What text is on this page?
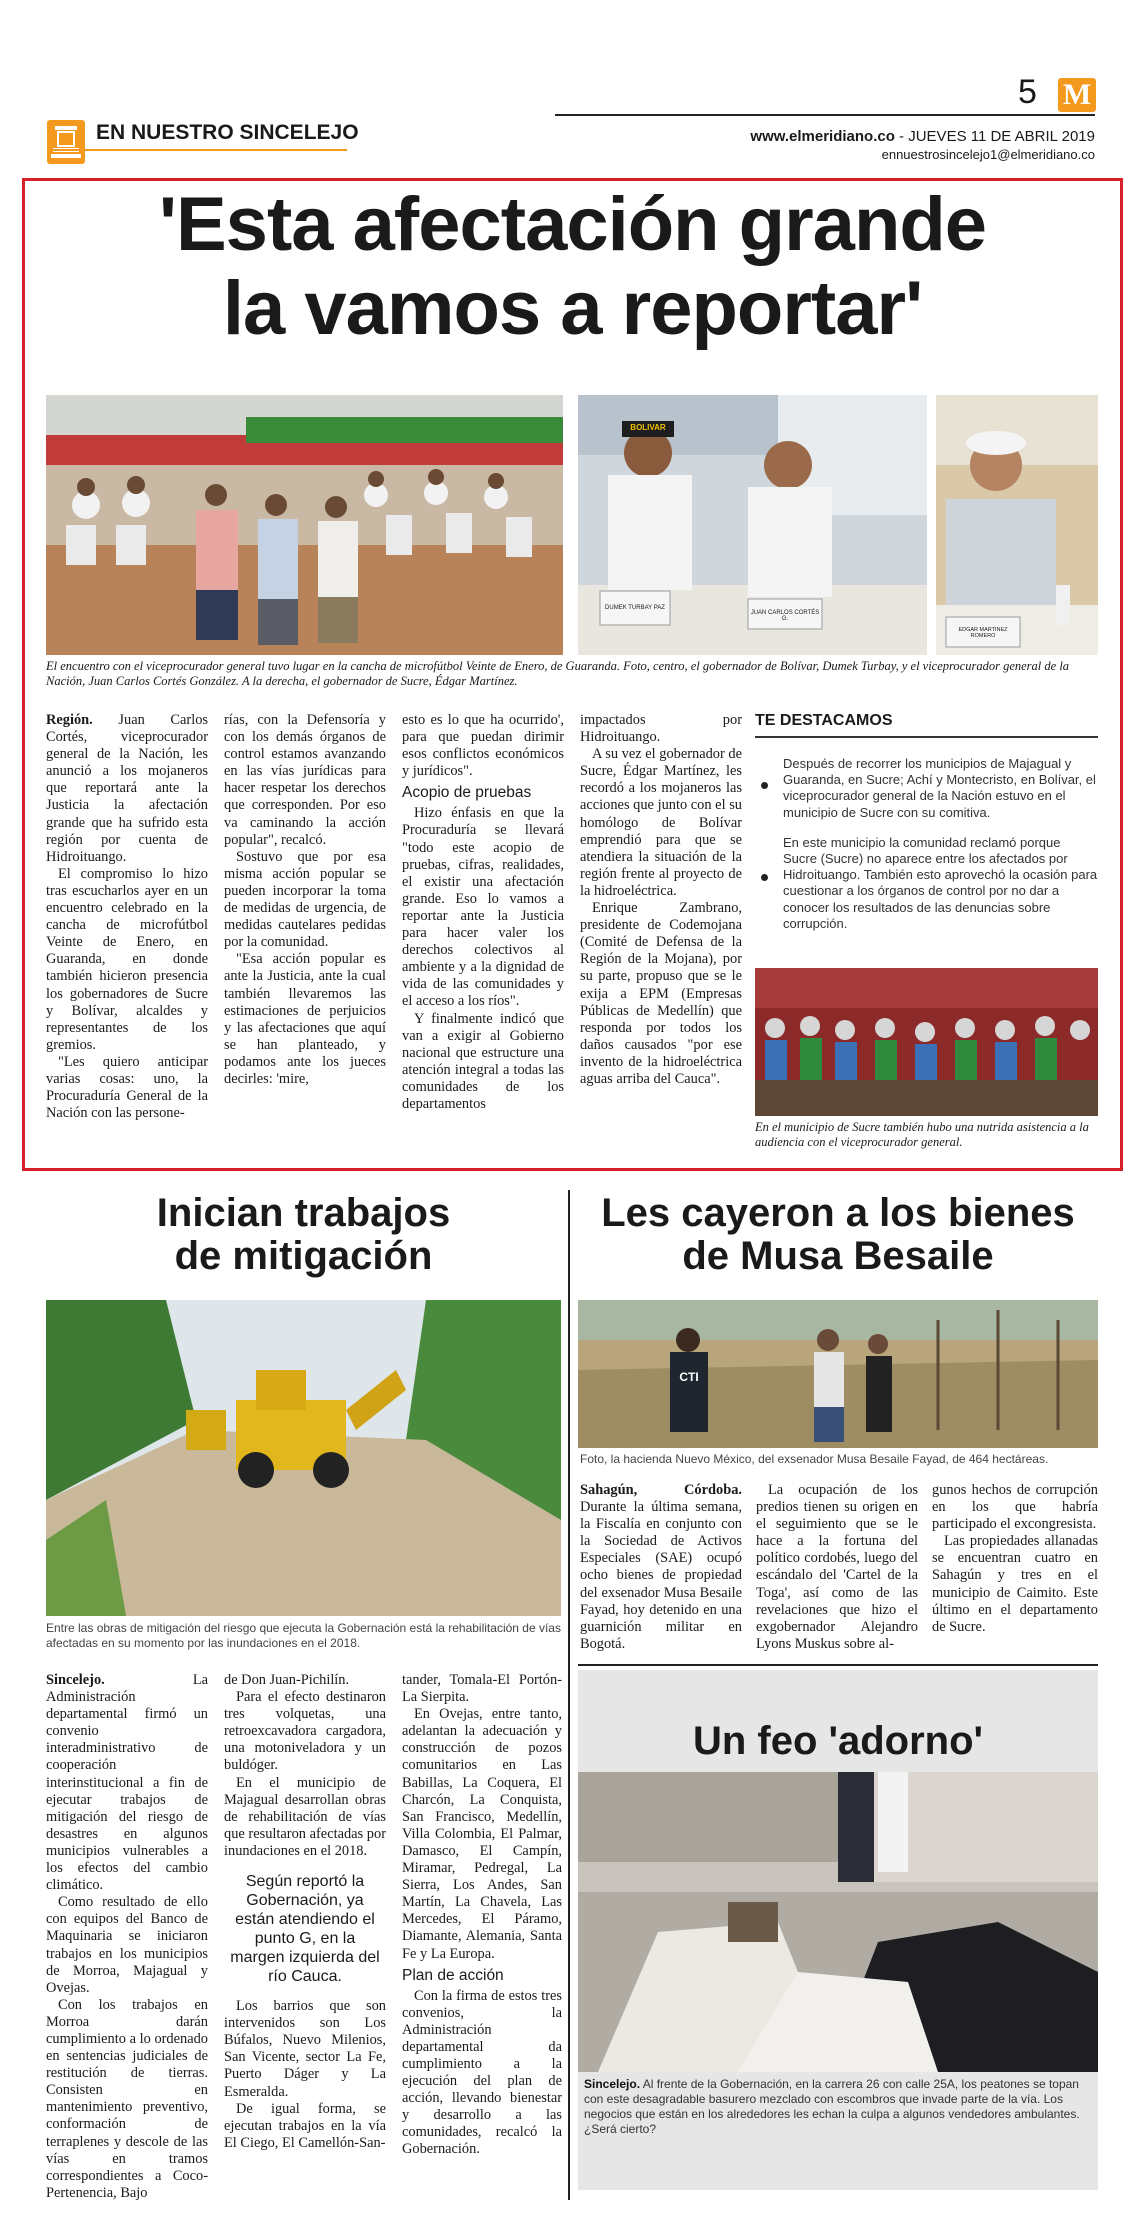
5 M
EN NUESTRO SINCELEJO	www.elmeridiano.co - JUEVES 11 DE ABRIL 2019
ennuestrosincelejo1@elmeridiano.co
'Esta afectación grande
la vamos a reportar'
DUMEK TURBAY PAZ
JUAN CARLOS CORTÉS G.
BOLIVAR
EDGAR MARTINEZ ROMERO
El encuentro con el viceprocurador general tuvo lugar en la cancha de microfútbol Veinte de Enero, de Guaranda. Foto, centro, el gobernador de Bolívar, Dumek Turbay, y el viceprocurador general de la Nación, Juan Carlos Cortés González. A la derecha, el gobernador de Sucre, Édgar Martínez.

Región. Juan Carlos Cortés, viceprocurador general de la Nación, les anunció a los mojaneros que reportará ante la Justicia la afectación grande que ha sufrido esta región por cuenta de Hidroituango.

El compromiso lo hizo tras escucharlos ayer en un encuentro celebrado en la cancha de microfútbol Veinte de Enero, en Guaranda, en donde también hicieron presencia los gobernadores de Sucre y Bolívar, alcaldes y representantes de los gremios.

"Les quiero anticipar varias cosas: uno, la Procuraduría General de la Nación con las persone-

rías, con la Defensoría y con los demás órganos de control estamos avanzando en las vías jurídicas para hacer respetar los derechos que corresponden. Por eso va caminando la acción popular", recalcó.

Sostuvo que por esa misma acción popular se pueden incorporar la toma de medidas de urgencia, de medidas cautelares pedidas por la comunidad.

"Esa acción popular es ante la Justicia, ante la cual también llevaremos las estimaciones de perjuicios y las afectaciones que aquí se han planteado, y podamos ante los jueces decirles: 'mire,

esto es lo que ha ocurrido', para que puedan dirimir esos conflictos económicos y jurídicos".

Acopio de pruebas

Hizo énfasis en que la Procuraduría se llevará "todo este acopio de pruebas, cifras, realidades, el existir una afectación grande. Eso lo vamos a reportar ante la Justicia para hacer valer los derechos colectivos al ambiente y a la dignidad de vida de las comunidades y el acceso a los ríos".

Y finalmente indicó que van a exigir al Gobierno nacional que estructure una atención integral a todas las comunidades de los departamentos

impactados por Hidroituango.

A su vez el gobernador de Sucre, Édgar Martínez, les recordó a los mojaneros las acciones que junto con el su homólogo de Bolívar emprendió para que se atendiera la situación de la región frente al proyecto de la hidroeléctrica.

Enrique Zambrano, presidente de Codemojana (Comité de Defensa de la Región de la Mojana), por su parte, propuso que se le exija a EPM (Empresas Públicas de Medellín) que responda por todos los daños causados "por ese invento de la hidroeléctrica aguas arriba del Cauca".

TE DESTACAMOS
Después de recorrer los municipios de Majagual y Guaranda, en Sucre; Achí y Montecristo, en Bolívar, el viceprocurador general de la Nación estuvo en el municipio de Sucre con su comitiva.
En este municipio la comunidad reclamó porque Sucre (Sucre) no aparece entre los afectados por Hidroituango. También esto aprovechó la ocasión para cuestionar a los órganos de control por no dar a conocer los resultados de las denuncias sobre corrupción.
En el municipio de Sucre también hubo una nutrida asistencia a la audiencia con el viceprocurador general.
Inician trabajos
de mitigación
Entre las obras de mitigación del riesgo que ejecuta la Gobernación está la rehabilitación de vías afectadas en su momento por las inundaciones en el 2018.

Sincelejo. La Administración departamental firmó un convenio interadministrativo de cooperación interinstitucional a fin de ejecutar trabajos de mitigación del riesgo de desastres en algunos municipios vulnerables a los efectos del cambio climático.

Como resultado de ello con equipos del Banco de Maquinaria se iniciaron trabajos en los municipios de Morroa, Majagual y Ovejas.

Con los trabajos en Morroa darán cumplimiento a lo ordenado en sentencias judiciales de restitución de tierras. Consisten en mantenimiento preventivo, conformación de terraplenes y descole de las vías en tramos correspondientes a Coco-Pertenencia, Bajo

de Don Juan-Pichilín.

Para el efecto destinaron tres volquetas, una retroexcavadora cargadora, una motoniveladora y un buldóger.

En el municipio de Majagual desarrollan obras de rehabilitación de vías que resultaron afectadas por inundaciones en el 2018.

Según reportó la Gobernación, ya están atendiendo el punto G, en la margen izquierda del río Cauca.

Los barrios que son intervenidos son Los Búfalos, Nuevo Milenios, San Vicente, sector La Fe, Puerto Dáger y La Esmeralda.

De igual forma, se ejecutan trabajos en la vía El Ciego, El Camellón-San-

tander, Tomala-El Portón-La Sierpita.

En Ovejas, entre tanto, adelantan la adecuación y construcción de pozos comunitarios en Las Babillas, La Coquera, El Charcón, La Conquista, San Francisco, Medellín, Villa Colombia, El Palmar, Damasco, El Campín, Miramar, Pedregal, La Sierra, Los Andes, San Martín, La Chavela, Las Mercedes, El Páramo, Diamante, Alemania, Santa Fe y La Europa.

Plan de acción

Con la firma de estos tres convenios, la Administración departamental da cumplimiento a la ejecución del plan de acción, llevando bienestar y desarrollo a las comunidades, recalcó la Gobernación.

Les cayeron a los bienes
de Musa Besaile
CTI
Foto, la hacienda Nuevo México, del exsenador Musa Besaile Fayad, de 464 hectáreas.

Sahagún, Córdoba. Durante la última semana, la Fiscalía en conjunto con la Sociedad de Activos Especiales (SAE) ocupó ocho bienes de propiedad del exsenador Musa Besaile Fayad, hoy detenido en una guarnición militar en Bogotá.

La ocupación de los predios tienen su origen en el seguimiento que se le hace a la fortuna del político cordobés, luego del escándalo del 'Cartel de la Toga', así como de las revelaciones que hizo el exgobernador Alejandro Lyons Muskus sobre al-

gunos hechos de corrupción en los que habría participado el excongresista.

Las propiedades allanadas se encuentran cuatro en Sahagún y tres en el municipio de Caimito. Este último en el departamento de Sucre.

Un feo 'adorno'
Sincelejo. Al frente de la Gobernación, en la carrera 26 con calle 25A, los peatones se topan con este desagradable basurero mezclado con escombros que invade parte de la vía. Los negocios que están en los alrededores les echan la culpa a algunos vendedores ambulantes. ¿Será cierto?
